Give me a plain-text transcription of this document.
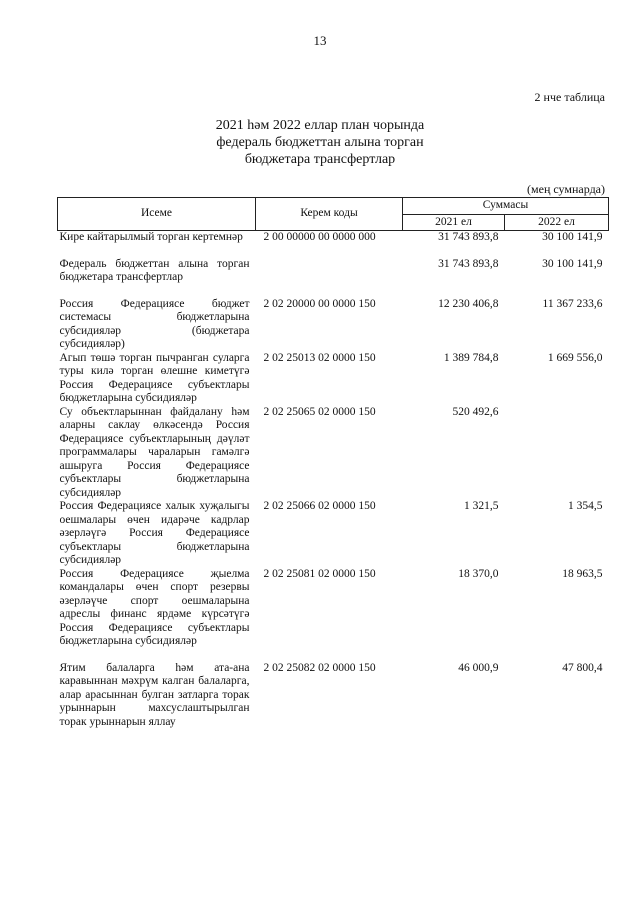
13
2 нче таблица
2021 һәм 2022 еллар план чорында
федераль бюджеттан алына торган
бюджетара трансфертлар
(мең сумнарда)
Исеме	Керем коды	Суммасы	
		2021 ел	2022 ел
Кире кайтарылмый торган кертемнәр	2 00 00000 00 0000 000	31 743 893,8	30 100 141,9
Федераль бюджеттан алына торган бюджетара трансфертлар		31 743 893,8	30 100 141,9
Россия Федерациясе бюджет системасы бюджетларына субсидияләр (бюджетара субсидияләр)	2 02 20000 00 0000 150	12 230 406,8	11 367 233,6
Агып төшә торган пычранган суларга туры килә торган өлешне киметүгә Россия Федерациясе субъектлары бюджетларына субсидияләр	2 02 25013 02 0000 150	1 389 784,8	1 669 556,0
Су объектларыннан файдалану һәм аларны саклау өлкәсендә Россия Федерациясе субъектларының дәүләт программалары чараларын гамәлгә ашыруга Россия Федерациясе субъектлары бюджетларына субсидияләр	2 02 25065 02 0000 150	520 492,6	
Россия Федерациясе халык хуҗалыгы оешмалары өчен идарәче кадрлар әзерләүгә Россия Федерациясе субъектлары бюджетларына субсидияләр	2 02 25066 02 0000 150	1 321,5	1 354,5
Россия Федерациясе җыелма командалары өчен спорт резервы әзерләүче спорт оешмаларына адреслы финанс ярдәме күрсәтүгә Россия Федерациясе субъектлары бюджетларына субсидияләр	2 02 25081 02 0000 150	18 370,0	18 963,5
Ятим балаларга һәм ата-ана каравыннан мәхрүм калган балаларга, алар арасыннан булган затларга торак урыннарын махсуслаштырылган торак урыннарын яллау	2 02 25082 02 0000 150	46 000,9	47 800,4
